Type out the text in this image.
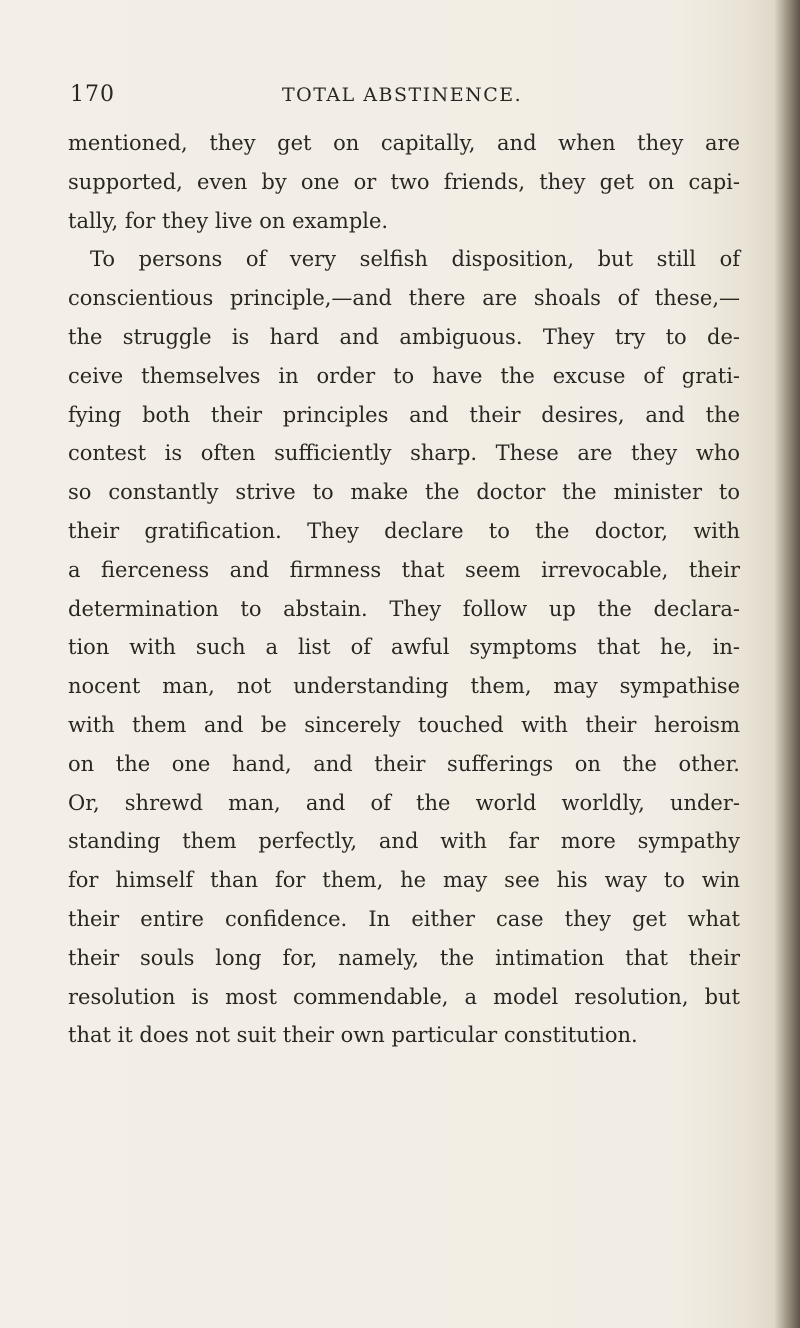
170	TOTAL ABSTINENCE.
mentioned, they get on capitally, and when they are
supported, even by one or two friends, they get on capi-
tally, for they live on example.
To persons of very selfish disposition, but still of
conscientious principle,—and there are shoals of these,—
the struggle is hard and ambiguous. They try to de-
ceive themselves in order to have the excuse of grati-
fying both their principles and their desires, and the
contest is often sufficiently sharp. These are they who
so constantly strive to make the doctor the minister to
their gratification. They declare to the doctor, with
a fierceness and firmness that seem irrevocable, their
determination to abstain. They follow up the declara-
tion with such a list of awful symptoms that he, in-
nocent man, not understanding them, may sympathise
with them and be sincerely touched with their heroism
on the one hand, and their sufferings on the other.
Or, shrewd man, and of the world worldly, under-
standing them perfectly, and with far more sympathy
for himself than for them, he may see his way to win
their entire confidence. In either case they get what
their souls long for, namely, the intimation that their
resolution is most commendable, a model resolution, but
that it does not suit their own particular constitution.
